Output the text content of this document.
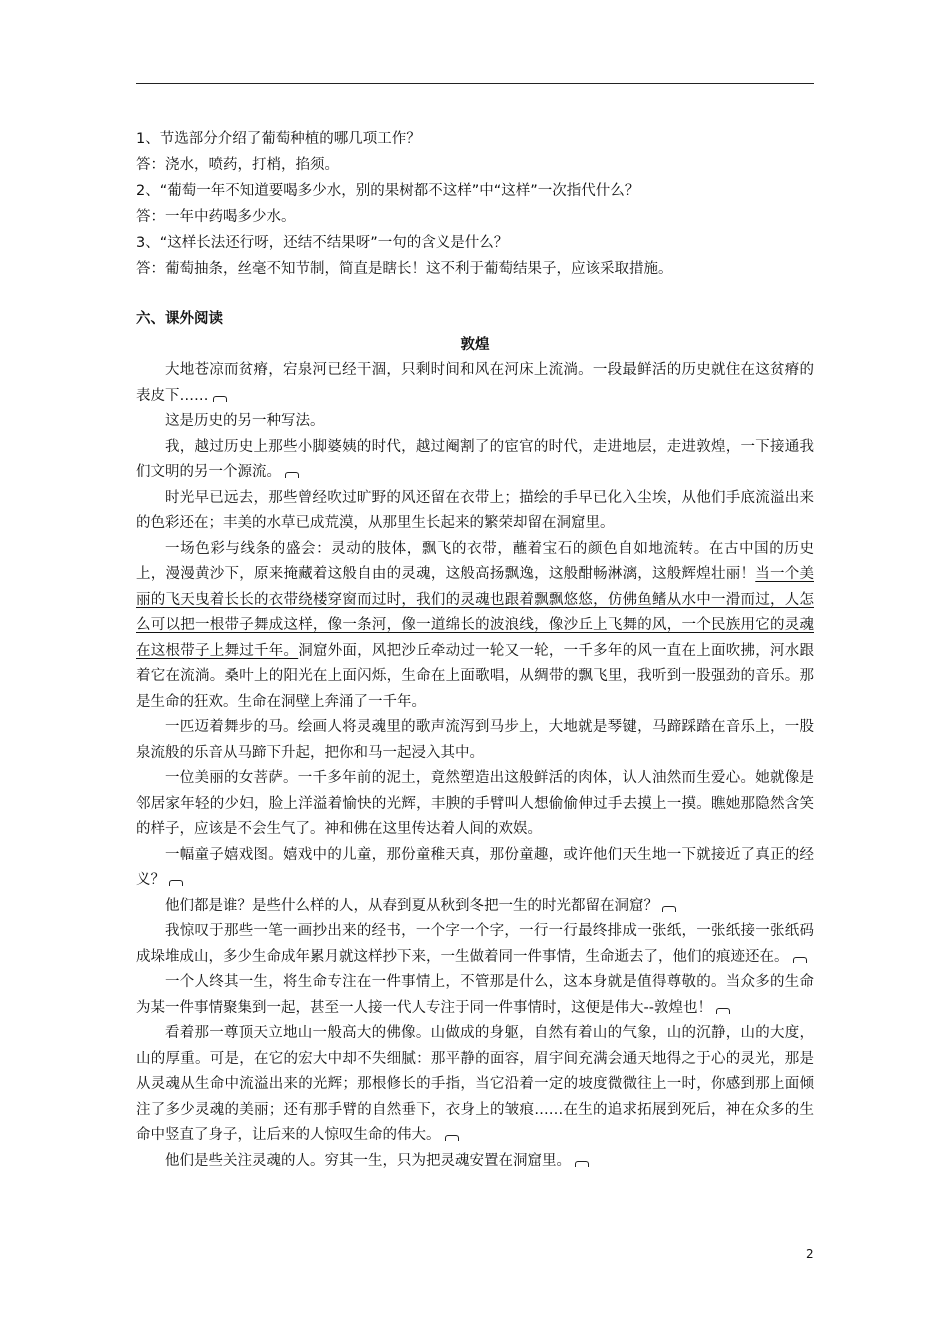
1、节选部分介绍了葡萄种植的哪几项工作？
答：浇水，喷药，打梢，掐须。
2、“葡萄一年不知道要喝多少水，别的果树都不这样”中“这样”一次指代什么？
答：一年中药喝多少水。
3、“这样长法还行呀，还结不结果呀”一句的含义是什么？
答：葡萄抽条，丝毫不知节制，简直是瞎长！这不利于葡萄结果子，应该采取措施。
六、课外阅读
敦煌
大地苍凉而贫瘠，宕泉河已经干涸，只剩时间和风在河床上流淌。一段最鲜活的历史就住在这贫瘠的表皮下……
这是历史的另一种写法。
我，越过历史上那些小脚婆姨的时代，越过阉割了的宦官的时代，走进地层，走进敦煌，一下接通我们文明的另一个源流。
时光早已远去，那些曾经吹过旷野的风还留在衣带上；描绘的手早已化入尘埃，从他们手底流溢出来的色彩还在；丰美的水草已成荒漠，从那里生长起来的繁荣却留在洞窟里。
一场色彩与线条的盛会：灵动的肢体，飘飞的衣带，蘸着宝石的颜色自如地流转。在古中国的历史上，漫漫黄沙下，原来掩藏着这般自由的灵魂，这般高扬飘逸，这般酣畅淋漓，这般辉煌壮丽！当一个美丽的飞天曳着长长的衣带绕楼穿窗而过时，我们的灵魂也跟着飘飘悠悠，仿佛鱼鳍从水中一滑而过，人怎么可以把一根带子舞成这样，像一条河，像一道绵长的波浪线，像沙丘上飞舞的风，一个民族用它的灵魂在这根带子上舞过千年。洞窟外面，风把沙丘牵动过一轮又一轮，一千多年的风一直在上面吹拂，河水跟着它在流淌。桑叶上的阳光在上面闪烁，生命在上面歌唱，从绸带的飘飞里，我听到一股强劲的音乐。那是生命的狂欢。生命在洞壁上奔涌了一千年。
一匹迈着舞步的马。绘画人将灵魂里的歌声流泻到马步上，大地就是琴键，马蹄踩踏在音乐上，一股泉流般的乐音从马蹄下升起，把你和马一起浸入其中。
一位美丽的女菩萨。一千多年前的泥土，竟然塑造出这般鲜活的肉体，认人油然而生爱心。她就像是邻居家年轻的少妇，脸上洋溢着愉快的光辉，丰腴的手臂叫人想偷偷伸过手去摸上一摸。瞧她那隐然含笑的样子，应该是不会生气了。神和佛在这里传达着人间的欢娱。
一幅童子嬉戏图。嬉戏中的儿童，那份童稚天真，那份童趣，或许他们天生地一下就接近了真正的经义？
他们都是谁？是些什么样的人，从春到夏从秋到冬把一生的时光都留在洞窟？
我惊叹于那些一笔一画抄出来的经书，一个字一个字，一行一行最终排成一张纸，一张纸接一张纸码成垛堆成山，多少生命成年累月就这样抄下来，一生做着同一件事情，生命逝去了，他们的痕迹还在。
一个人终其一生，将生命专注在一件事情上，不管那是什么，这本身就是值得尊敬的。当众多的生命为某一件事情聚集到一起，甚至一人接一代人专注于同一件事情时，这便是伟大--敦煌也！
看着那一尊顶天立地山一般高大的佛像。山做成的身躯，自然有着山的气象，山的沉静，山的大度，山的厚重。可是，在它的宏大中却不失细腻：那平静的面容，眉宇间充满会通天地得之于心的灵光，那是从灵魂从生命中流溢出来的光辉；那根修长的手指，当它沿着一定的坡度微微往上一时，你感到那上面倾注了多少灵魂的美丽；还有那手臂的自然垂下，衣身上的皱痕……在生的追求拓展到死后，神在众多的生命中竖直了身子，让后来的人惊叹生命的伟大。
他们是些关注灵魂的人。穷其一生，只为把灵魂安置在洞窟里。
2
